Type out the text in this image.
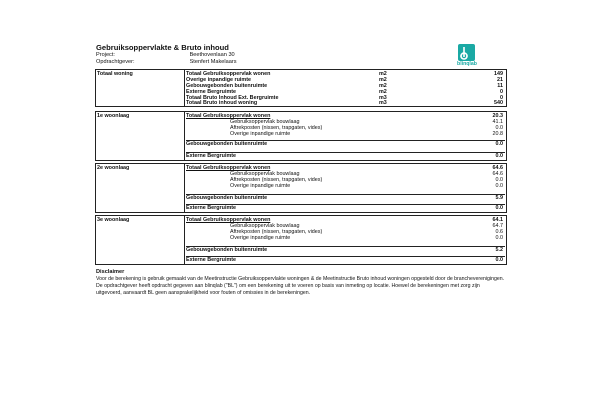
Gebruiksoppervlakte & Bruto inhoud
Project:	Beethovenlaan 30
Opdrachtgever:	Stenfert Makelaars	blinqlab
Totaal woning	Totaal Gebruiksoppervlak wonen	m2	149
Overige inpandige ruimte	m2	21
Gebouwgebonden buitenruimte	m2	11
Externe Bergruimte	m2	0
Totaal Bruto Inhoud Ext. Bergruimte	m3	0
Totaal Bruto inhoud woning	m3	540
1e woonlaag	Totaal Gebruiksoppervlak wonen	20.3
Gebruiksoppervlak bouwlaag	41.1
Aftrekposten (nissen, trapgaten, vides)	0.0
Overige inpandige ruimte	20.8
Gebouwgebonden buitenruimte	0.0
Externe Bergruimte	0.0
2e woonlaag	Totaal Gebruiksoppervlak wonen	64.6
Gebruiksoppervlak bouwlaag	64.6
Aftrekposten (nissen, trapgaten, vides)	0.0
Overige inpandige ruimte	0.0
Gebouwgebonden buitenruimte	5.9
Externe Bergruimte	0.0
3e woonlaag	Totaal Gebruiksoppervlak wonen	64.1
Gebruiksoppervlak bouwlaag	64.7
Aftrekposten (nissen, trapgaten, vides)	0.6
Overige inpandige ruimte	0.0
Gebouwgebonden buitenruimte	5.2
Externe Bergruimte	0.0
Disclaimer
Voor de berekening is gebruik gemaakt van de Meetinstructie Gebruiksoppervlakte woningen & de Meetinstructie Bruto inhoud woningen opgesteld door de brancheverenigingen. De opdrachtgever heeft opdracht gegeven aan blinqlab ("BL") om een berekening uit te voeren op basis van inmeting op locatie. Hoewel de berekeningen met zorg zijn uitgevoerd, aanvaardt BL geen aansprakelijkheid voor fouten of omissies in de berekeningen.
